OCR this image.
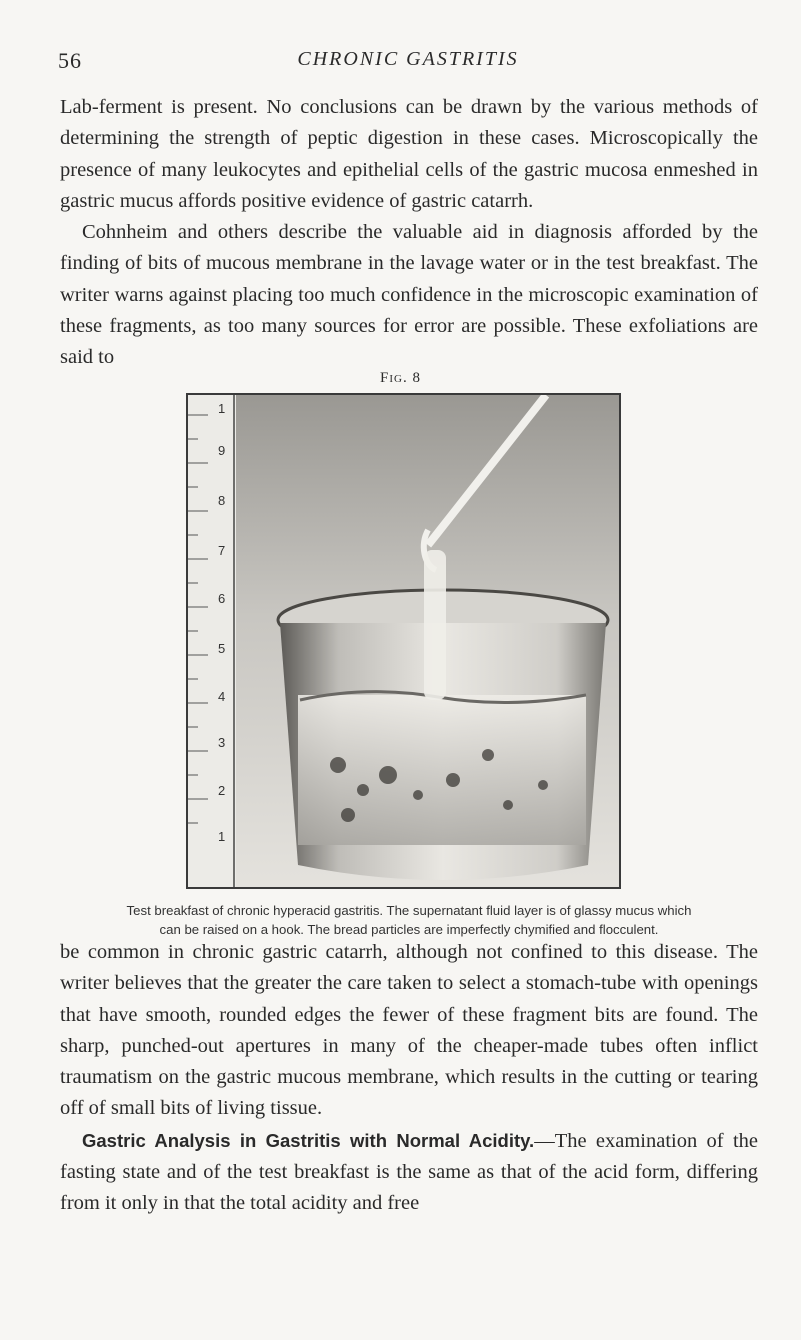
56	CHRONIC GASTRITIS

Lab-ferment is present. No conclusions can be drawn by the various methods of determining the strength of peptic digestion in these cases. Microscopically the presence of many leukocytes and epithelial cells of the gastric mucosa enmeshed in gastric mucus affords positive evidence of gastric catarrh.

Cohnheim and others describe the valuable aid in diagnosis afforded by the finding of bits of mucous membrane in the lavage water or in the test breakfast. The writer warns against placing too much confidence in the microscopic examination of these fragments, as too many sources for error are possible. These exfoliations are said to

Fig. 8
1
9
8
7
6
5
4
3
2
1
Test breakfast of chronic hyperacid gastritis. The supernatant fluid layer is of glassy mucus which
can be raised on a hook. The bread particles are imperfectly chymified and flocculent.

be common in chronic gastric catarrh, although not confined to this disease. The writer believes that the greater the care taken to select a stomach-tube with openings that have smooth, rounded edges the fewer of these fragment bits are found. The sharp, punched-out apertures in many of the cheaper-made tubes often inflict traumatism on the gastric mucous membrane, which results in the cutting or tearing off of small bits of living tissue.

Gastric Analysis in Gastritis with Normal Acidity.—The examination of the fasting state and of the test breakfast is the same as that of the acid form, differing from it only in that the total acidity and free
